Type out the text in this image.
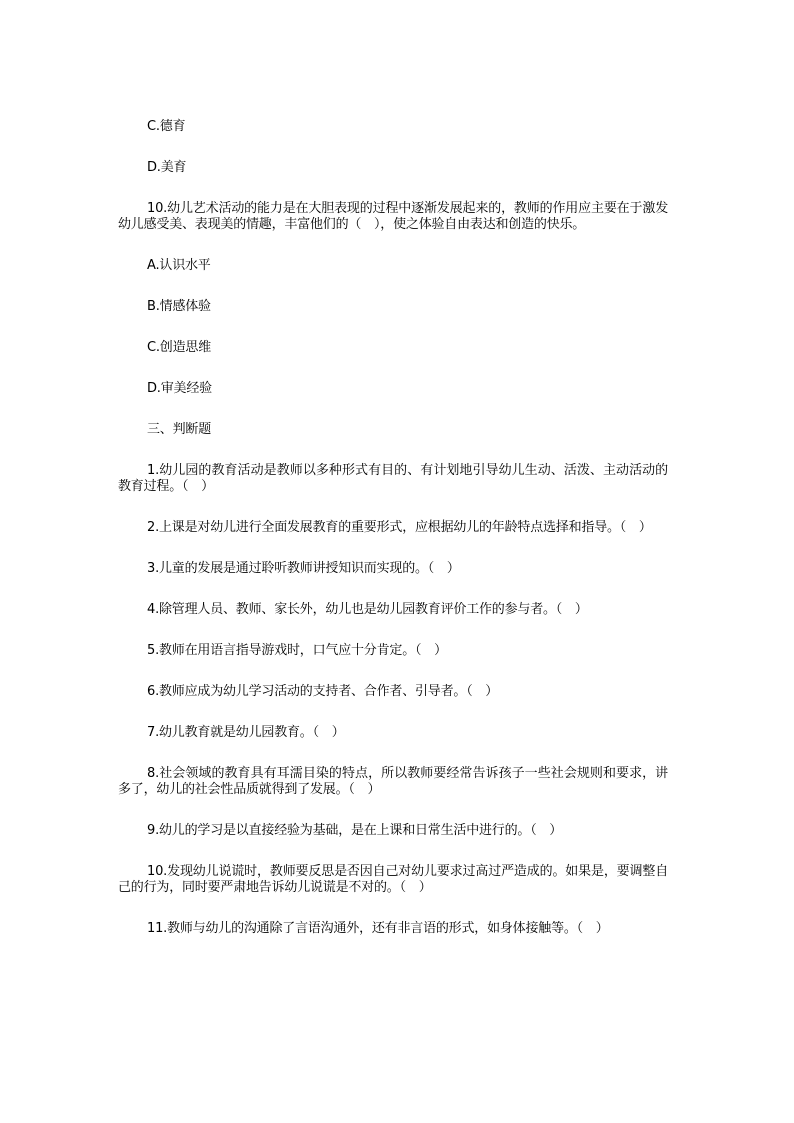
C.德育

D.美育

10.幼儿艺术活动的能力是在大胆表现的过程中逐渐发展起来的，教师的作用应主要在于激发幼儿感受美、表现美的情趣，丰富他们的（　），使之体验自由表达和创造的快乐。

A.认识水平

B.情感体验

C.创造思维

D.审美经验

三、判断题

1.幼儿园的教育活动是教师以多种形式有目的、有计划地引导幼儿生动、活泼、主动活动的教育过程。（　）

2.上课是对幼儿进行全面发展教育的重要形式，应根据幼儿的年龄特点选择和指导。（　）

3.儿童的发展是通过聆听教师讲授知识而实现的。（　）

4.除管理人员、教师、家长外，幼儿也是幼儿园教育评价工作的参与者。（　）

5.教师在用语言指导游戏时，口气应十分肯定。（　）

6.教师应成为幼儿学习活动的支持者、合作者、引导者。（　）

7.幼儿教育就是幼儿园教育。（　）

8.社会领域的教育具有耳濡目染的特点，所以教师要经常告诉孩子一些社会规则和要求，讲多了，幼儿的社会性品质就得到了发展。（　）

9.幼儿的学习是以直接经验为基础，是在上课和日常生活中进行的。（　）

10.发现幼儿说谎时，教师要反思是否因自己对幼儿要求过高过严造成的。如果是，要调整自己的行为，同时要严肃地告诉幼儿说谎是不对的。（　）

11.教师与幼儿的沟通除了言语沟通外，还有非言语的形式，如身体接触等。（　）
